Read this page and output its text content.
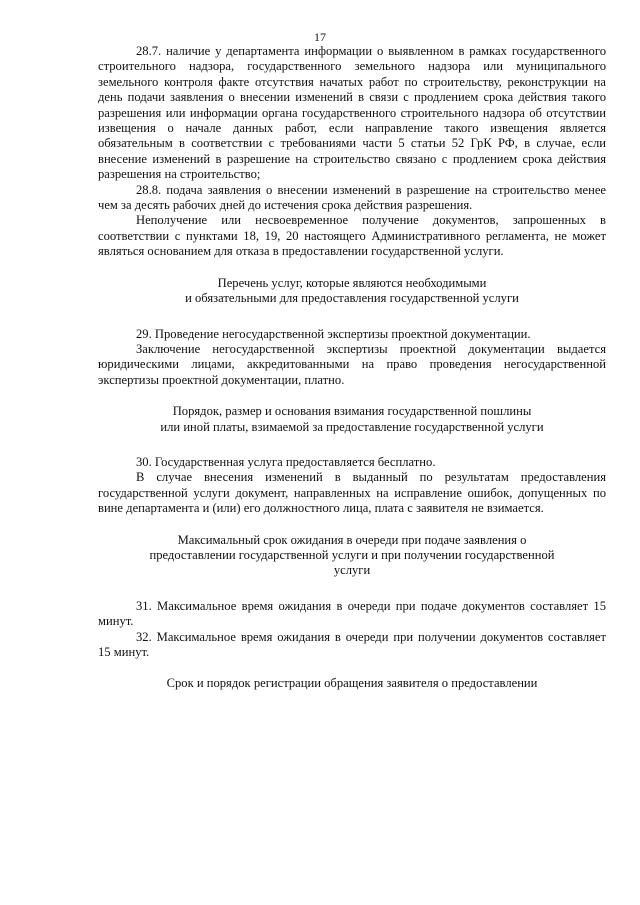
17

28.7. наличие у департамента информации о выявленном в рамках государственного строительного надзора, государственного земельного надзора или муниципального земельного контроля факте отсутствия начатых работ по строительству, реконструкции на день подачи заявления о внесении изменений в связи с продлением срока действия такого разрешения или информации органа государственного строительного надзора об отсутствии извещения о начале данных работ, если направление такого извещения является обязательным в соответствии с требованиями части 5 статьи 52 ГрК РФ, в случае, если внесение изменений в разрешение на строительство связано с продлением срока действия разрешения на строительство;

28.8. подача заявления о внесении изменений в разрешение на строительство менее чем за десять рабочих дней до истечения срока действия разрешения.

Неполучение или несвоевременное получение документов, запрошенных в соответствии с пунктами 18, 19, 20 настоящего Административного регламента, не может являться основанием для отказа в предоставлении государственной услуги.

Перечень услуг, которые являются необходимыми
и обязательными для предоставления государственной услуги

29. Проведение негосударственной экспертизы проектной документации.

Заключение негосударственной экспертизы проектной документации выдается юридическими лицами, аккредитованными на право проведения негосударственной экспертизы проектной документации, платно.

Порядок, размер и основания взимания государственной пошлины
или иной платы, взимаемой за предоставление государственной услуги

30. Государственная услуга предоставляется бесплатно.

В случае внесения изменений в выданный по результатам предоставления государственной услуги документ, направленных на исправление ошибок, допущенных по вине департамента и (или) его должностного лица, плата с заявителя не взимается.

Максимальный срок ожидания в очереди при подаче заявления о
предоставлении государственной услуги и при получении государственной
услуги

31. Максимальное время ожидания в очереди при подаче документов составляет 15 минут.

32. Максимальное время ожидания в очереди при получении документов составляет 15 минут.

Срок и порядок регистрации обращения заявителя о предоставлении
